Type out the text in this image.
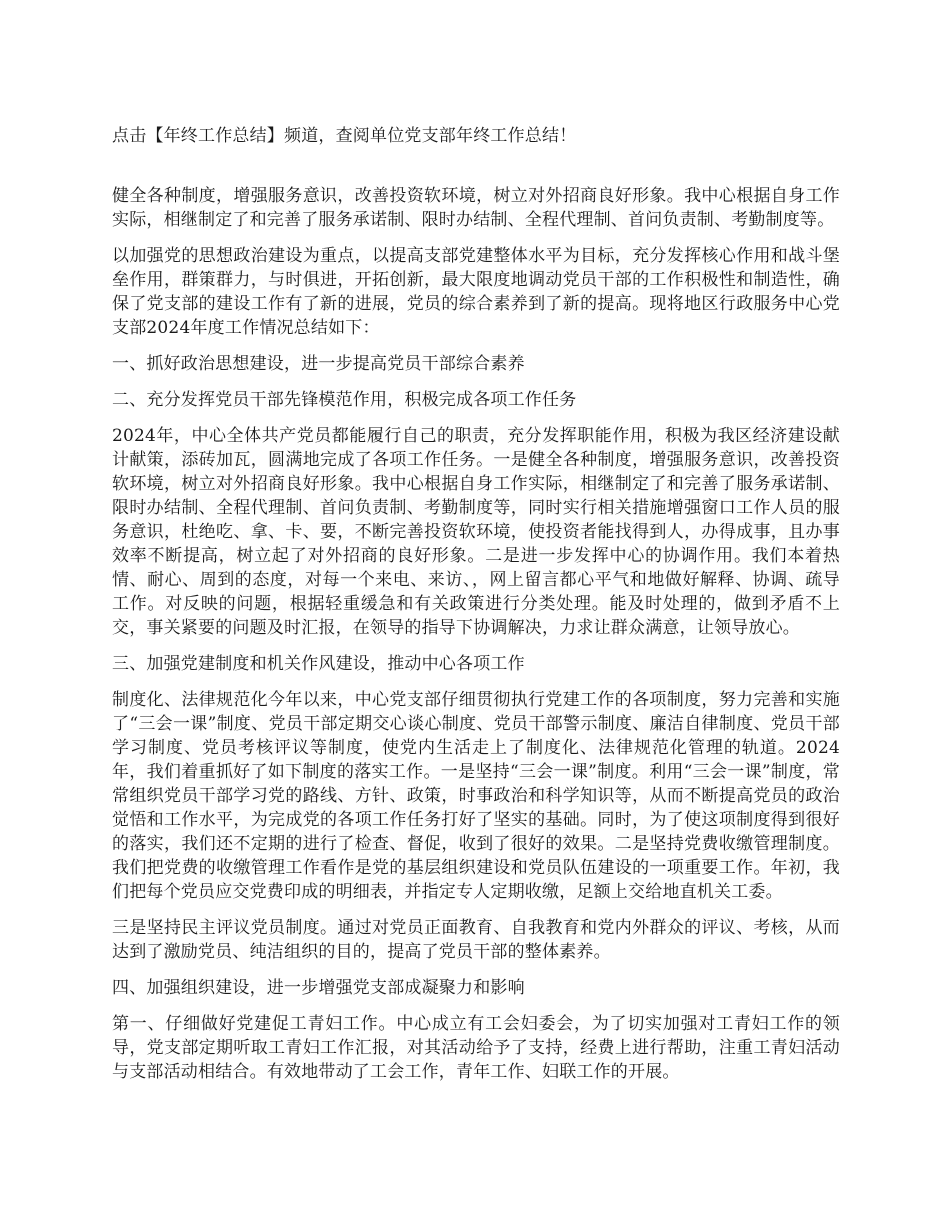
点击【年终工作总结】频道，查阅单位党支部年终工作总结！

健全各种制度，增强服务意识，改善投资软环境，树立对外招商良好形象。我中心根据自身工作实际，相继制定了和完善了服务承诺制、限时办结制、全程代理制、首问负责制、考勤制度等。

以加强党的思想政治建设为重点，以提高支部党建整体水平为目标，充分发挥核心作用和战斗堡垒作用，群策群力，与时俱进，开拓创新，最大限度地调动党员干部的工作积极性和制造性，确保了党支部的建设工作有了新的进展，党员的综合素养到了新的提高。现将地区行政服务中心党支部2024年度工作情况总结如下：

一、抓好政治思想建设，进一步提高党员干部综合素养

二、充分发挥党员干部先锋模范作用，积极完成各项工作任务

2024年，中心全体共产党员都能履行自己的职责，充分发挥职能作用，积极为我区经济建设献计献策，添砖加瓦，圆满地完成了各项工作任务。一是健全各种制度，增强服务意识，改善投资软环境，树立对外招商良好形象。我中心根据自身工作实际，相继制定了和完善了服务承诺制、限时办结制、全程代理制、首问负责制、考勤制度等，同时实行相关措施增强窗口工作人员的服务意识，杜绝吃、拿、卡、要，不断完善投资软环境，使投资者能找得到人，办得成事，且办事效率不断提高，树立起了对外招商的良好形象。二是进一步发挥中心的协调作用。我们本着热情、耐心、周到的态度，对每一个来电、来访、，网上留言都心平气和地做好解释、协调、疏导工作。对反映的问题，根据轻重缓急和有关政策进行分类处理。能及时处理的，做到矛盾不上交，事关紧要的问题及时汇报，在领导的指导下协调解决，力求让群众满意，让领导放心。

三、加强党建制度和机关作风建设，推动中心各项工作

制度化、法律规范化今年以来，中心党支部仔细贯彻执行党建工作的各项制度，努力完善和实施了“三会一课”制度、党员干部定期交心谈心制度、党员干部警示制度、廉洁自律制度、党员干部学习制度、党员考核评议等制度，使党内生活走上了制度化、法律规范化管理的轨道。2024年，我们着重抓好了如下制度的落实工作。一是坚持“三会一课”制度。利用“三会一课”制度，常常组织党员干部学习党的路线、方针、政策，时事政治和科学知识等，从而不断提高党员的政治觉悟和工作水平，为完成党的各项工作任务打好了坚实的基础。同时，为了使这项制度得到很好的落实，我们还不定期的进行了检查、督促，收到了很好的效果。二是坚持党费收缴管理制度。我们把党费的收缴管理工作看作是党的基层组织建设和党员队伍建设的一项重要工作。年初，我们把每个党员应交党费印成的明细表，并指定专人定期收缴，足额上交给地直机关工委。

三是坚持民主评议党员制度。通过对党员正面教育、自我教育和党内外群众的评议、考核，从而达到了激励党员、纯洁组织的目的，提高了党员干部的整体素养。

四、加强组织建设，进一步增强党支部成凝聚力和影响

第一、仔细做好党建促工青妇工作。中心成立有工会妇委会，为了切实加强对工青妇工作的领导，党支部定期听取工青妇工作汇报，对其活动给予了支持，经费上进行帮助，注重工青妇活动与支部活动相结合。有效地带动了工会工作，青年工作、妇联工作的开展。
